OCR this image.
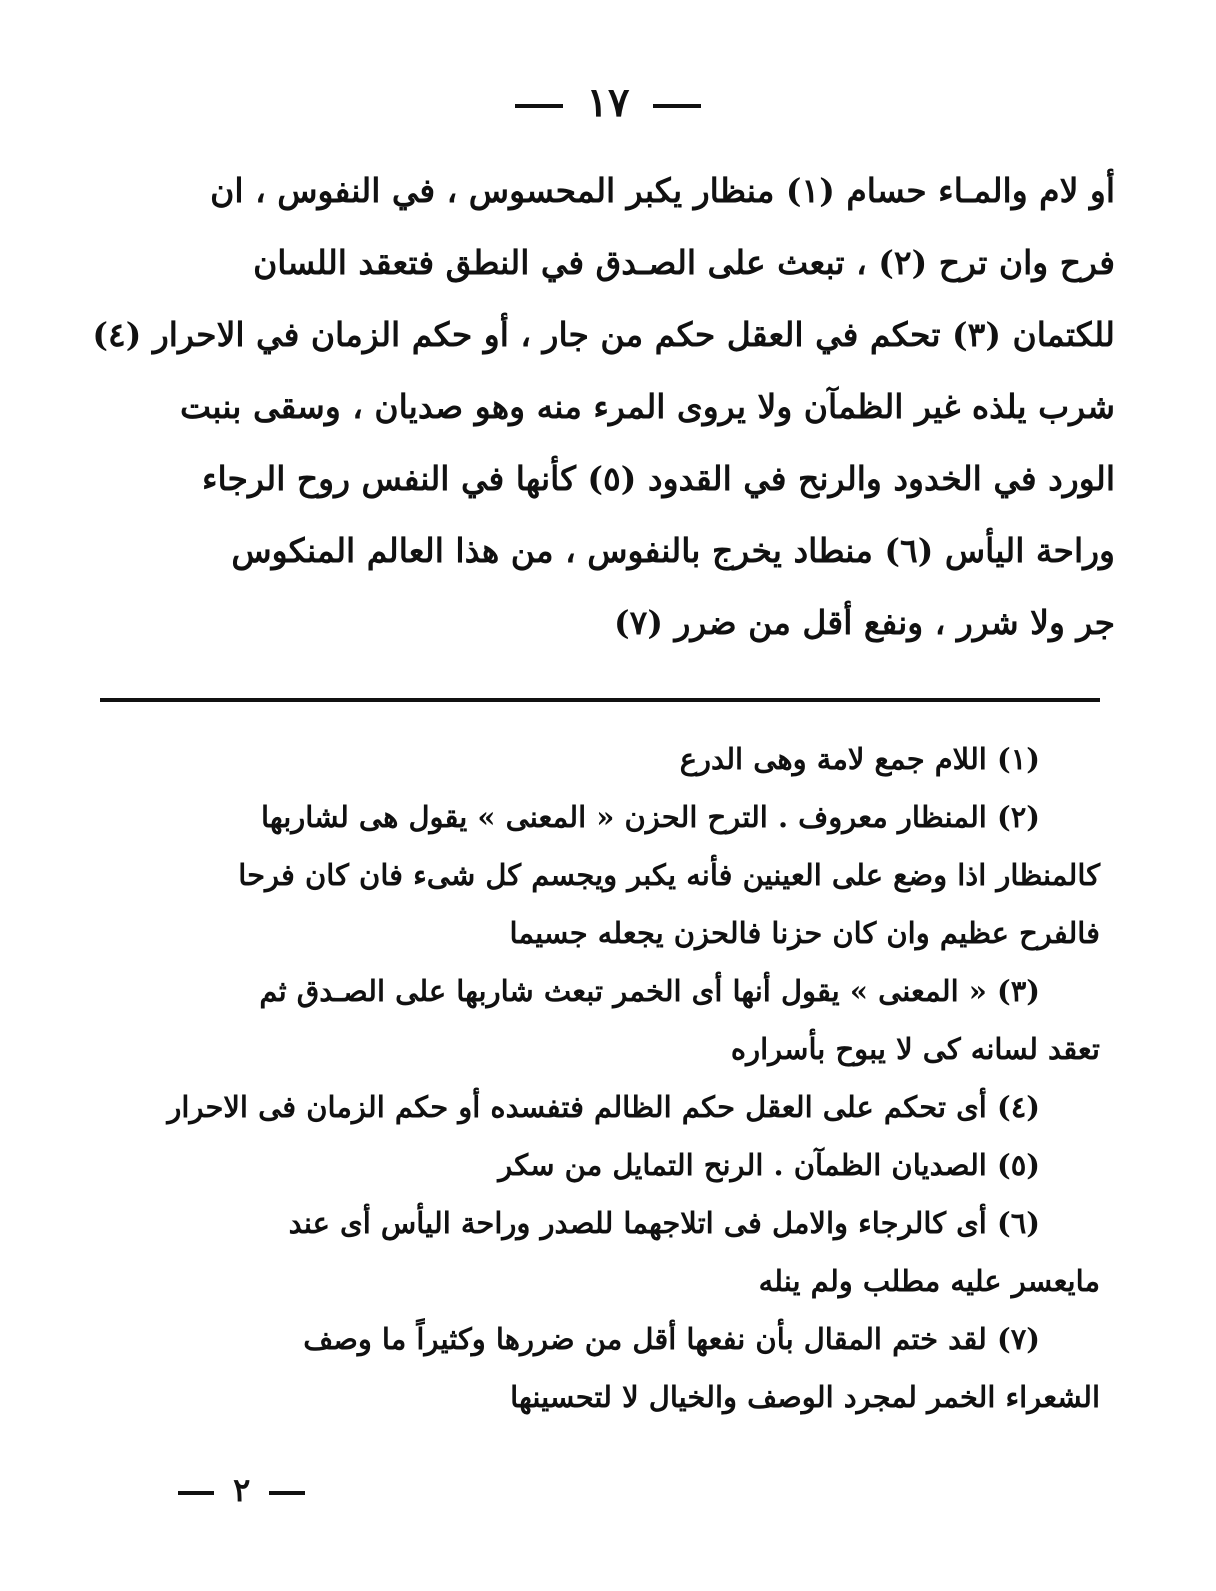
١٧
أو لام والمـاء حسام (١) منظار يكبر المحسوس ، في النفوس ، ان
فرح وان ترح (٢) ، تبعث على الصـدق في النطق فتعقد اللسان
للكتمان (٣) تحكم في العقل حكم من جار ، أو حكم الزمان في الاحرار (٤)
شرب يلذه غير الظمآن ولا يروى المرء منه وهو صديان ، وسقى بنبت
الورد في الخدود والرنح في القدود (٥) كأنها في النفس روح الرجاء
وراحة اليأس (٦) منطاد يخرج بالنفوس ، من هذا العالم المنكوس
جر ولا شرر ، ونفع أقل من ضرر (٧)
(١) اللام جمع لامة وهى الدرع
(٢) المنظار معروف . الترح الحزن « المعنى » يقول هى لشاربها
كالمنظار اذا وضع على العينين فأنه يكبر ويجسم كل شىء فان كان فرحا
فالفرح عظيم وان كان حزنا فالحزن يجعله جسيما
(٣) « المعنى » يقول أنها أى الخمر تبعث شاربها على الصـدق ثم
تعقد لسانه كى لا يبوح بأسراره
(٤) أى تحكم على العقل حكم الظالم فتفسده أو حكم الزمان فى الاحرار
(٥) الصديان الظمآن . الرنح التمايل من سكر
(٦) أى كالرجاء والامل فى اتلاجهما للصدر وراحة اليأس أى عند
مايعسر عليه مطلب ولم ينله
(٧) لقد ختم المقال بأن نفعها أقل من ضررها وكثيراً ما وصف
الشعراء الخمر لمجرد الوصف والخيال لا لتحسينها
٢
